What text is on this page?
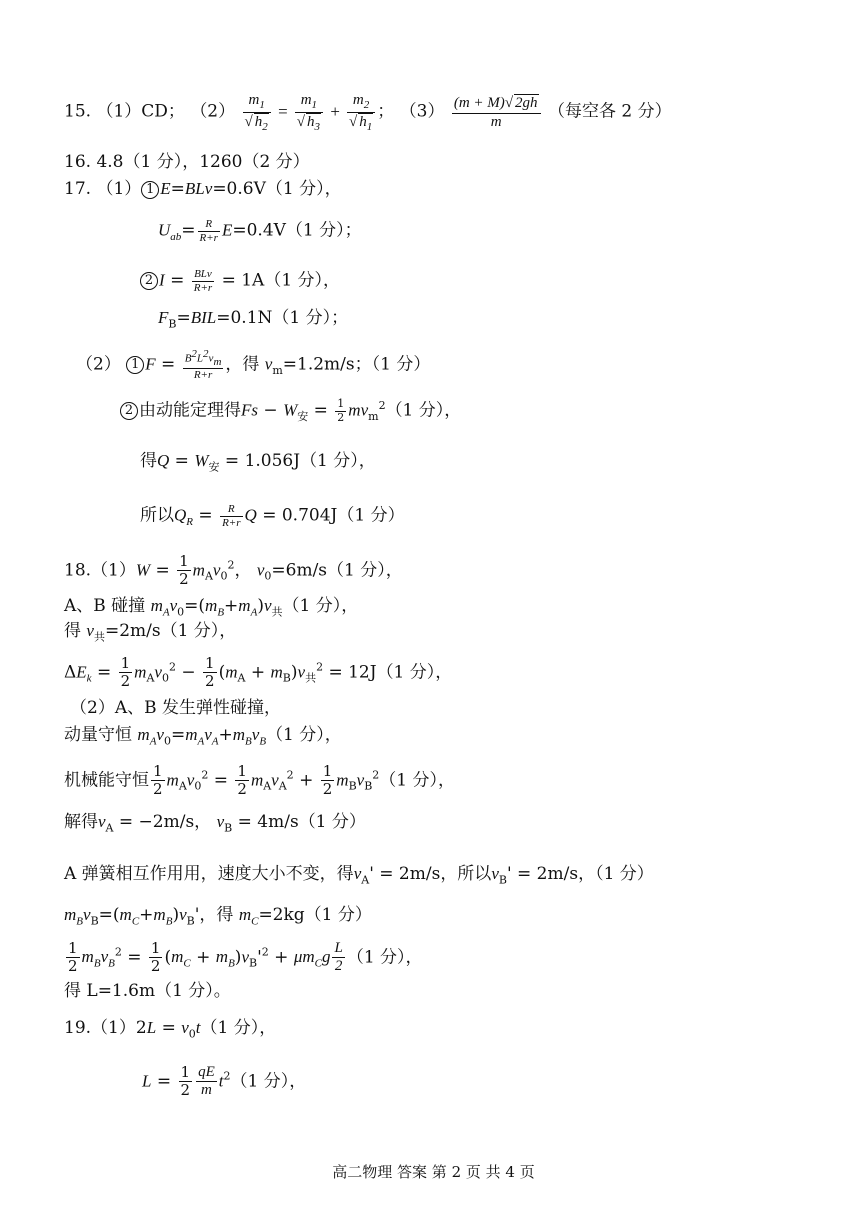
15. （1）CD； $(2) \frac{m_1}{√ h_2} = \frac{m_1}{√ h_3} + \frac{m_2}{√ h_1}$ ； $(3) \frac{(m + M)√ 2gh}{m}$ （每空各 2 分）
16. 4.8（1 分），1260（2 分）
17. （1） 1 E=BLv=0.6V（1 分），
$U_{ab}= \frac{R}{R+r} E=0.4V(1$ 分）；
2 $I = \frac{\text{BLv}}{R+r} = 1A(1$ 分），
$F_B=BIL=0.1N(1$ 分）；
（2） 1 $F = \frac{B^2L^2v_m}{R+r}$ ，得 $v_m=1.2m/s$；（1 分）
2 由动能定理得$Fs - W_安 = \frac{1}{2} mv_m^2(1$ 分），
得$Q = W_安 = 1.056J(1$ 分），
所以$Q_R = \frac{R}{R+r}$ Q = 0.704J（1 分）
$18.(1)W = \frac{1}{2} m_Av_0^2$， $v_0=6m/s(1$ 分），
A、B 碰撞 $m_Av_0=(m_B+m_A)v_共(1$ 分），
得 $v_共=2m/s(1$ 分），
$\Delta E_k = \frac{1}{2} m_Av_0^2 - \frac{1}{2} (m_A + m_B)v_共^2 = 12J(1$ 分），
（2）A、B 发生弹性碰撞，
动量守恒 $m_Av_0=m_Av_A+m_Bv_B(1$ 分），
机械能守恒 $\frac{1}{2} m_Av_0^2 = \frac{1}{2} m_Av_A^2 + \frac{1}{2} m_Bv_B^2(1$ 分），
解得$v_A = -2m/s$， $v_B = 4m/s(1$ 分）
A 弹簧相互作用用，速度大小不变，得$v_A' = 2m/s$，所以$v_B' = 2m/s$，（1 分）
$m_Bv_B=(m_C+m_B)v_B'$，得 $m_C=2kg(1$ 分）
$\frac{1}{2} m_Bv_B^2 = \frac{1}{2} (m_C + m_B)v_B'^2 + \mu m_Cg \frac{L}{2} (1$ 分），
得 L=1.6m（1 分）。
$19.(1)2L = v_0t(1$ 分），
$L = \frac{1}{2} \frac{qE}{m} t^2(1$ 分），
高二物理 答案 第 2 页 共 4 页
